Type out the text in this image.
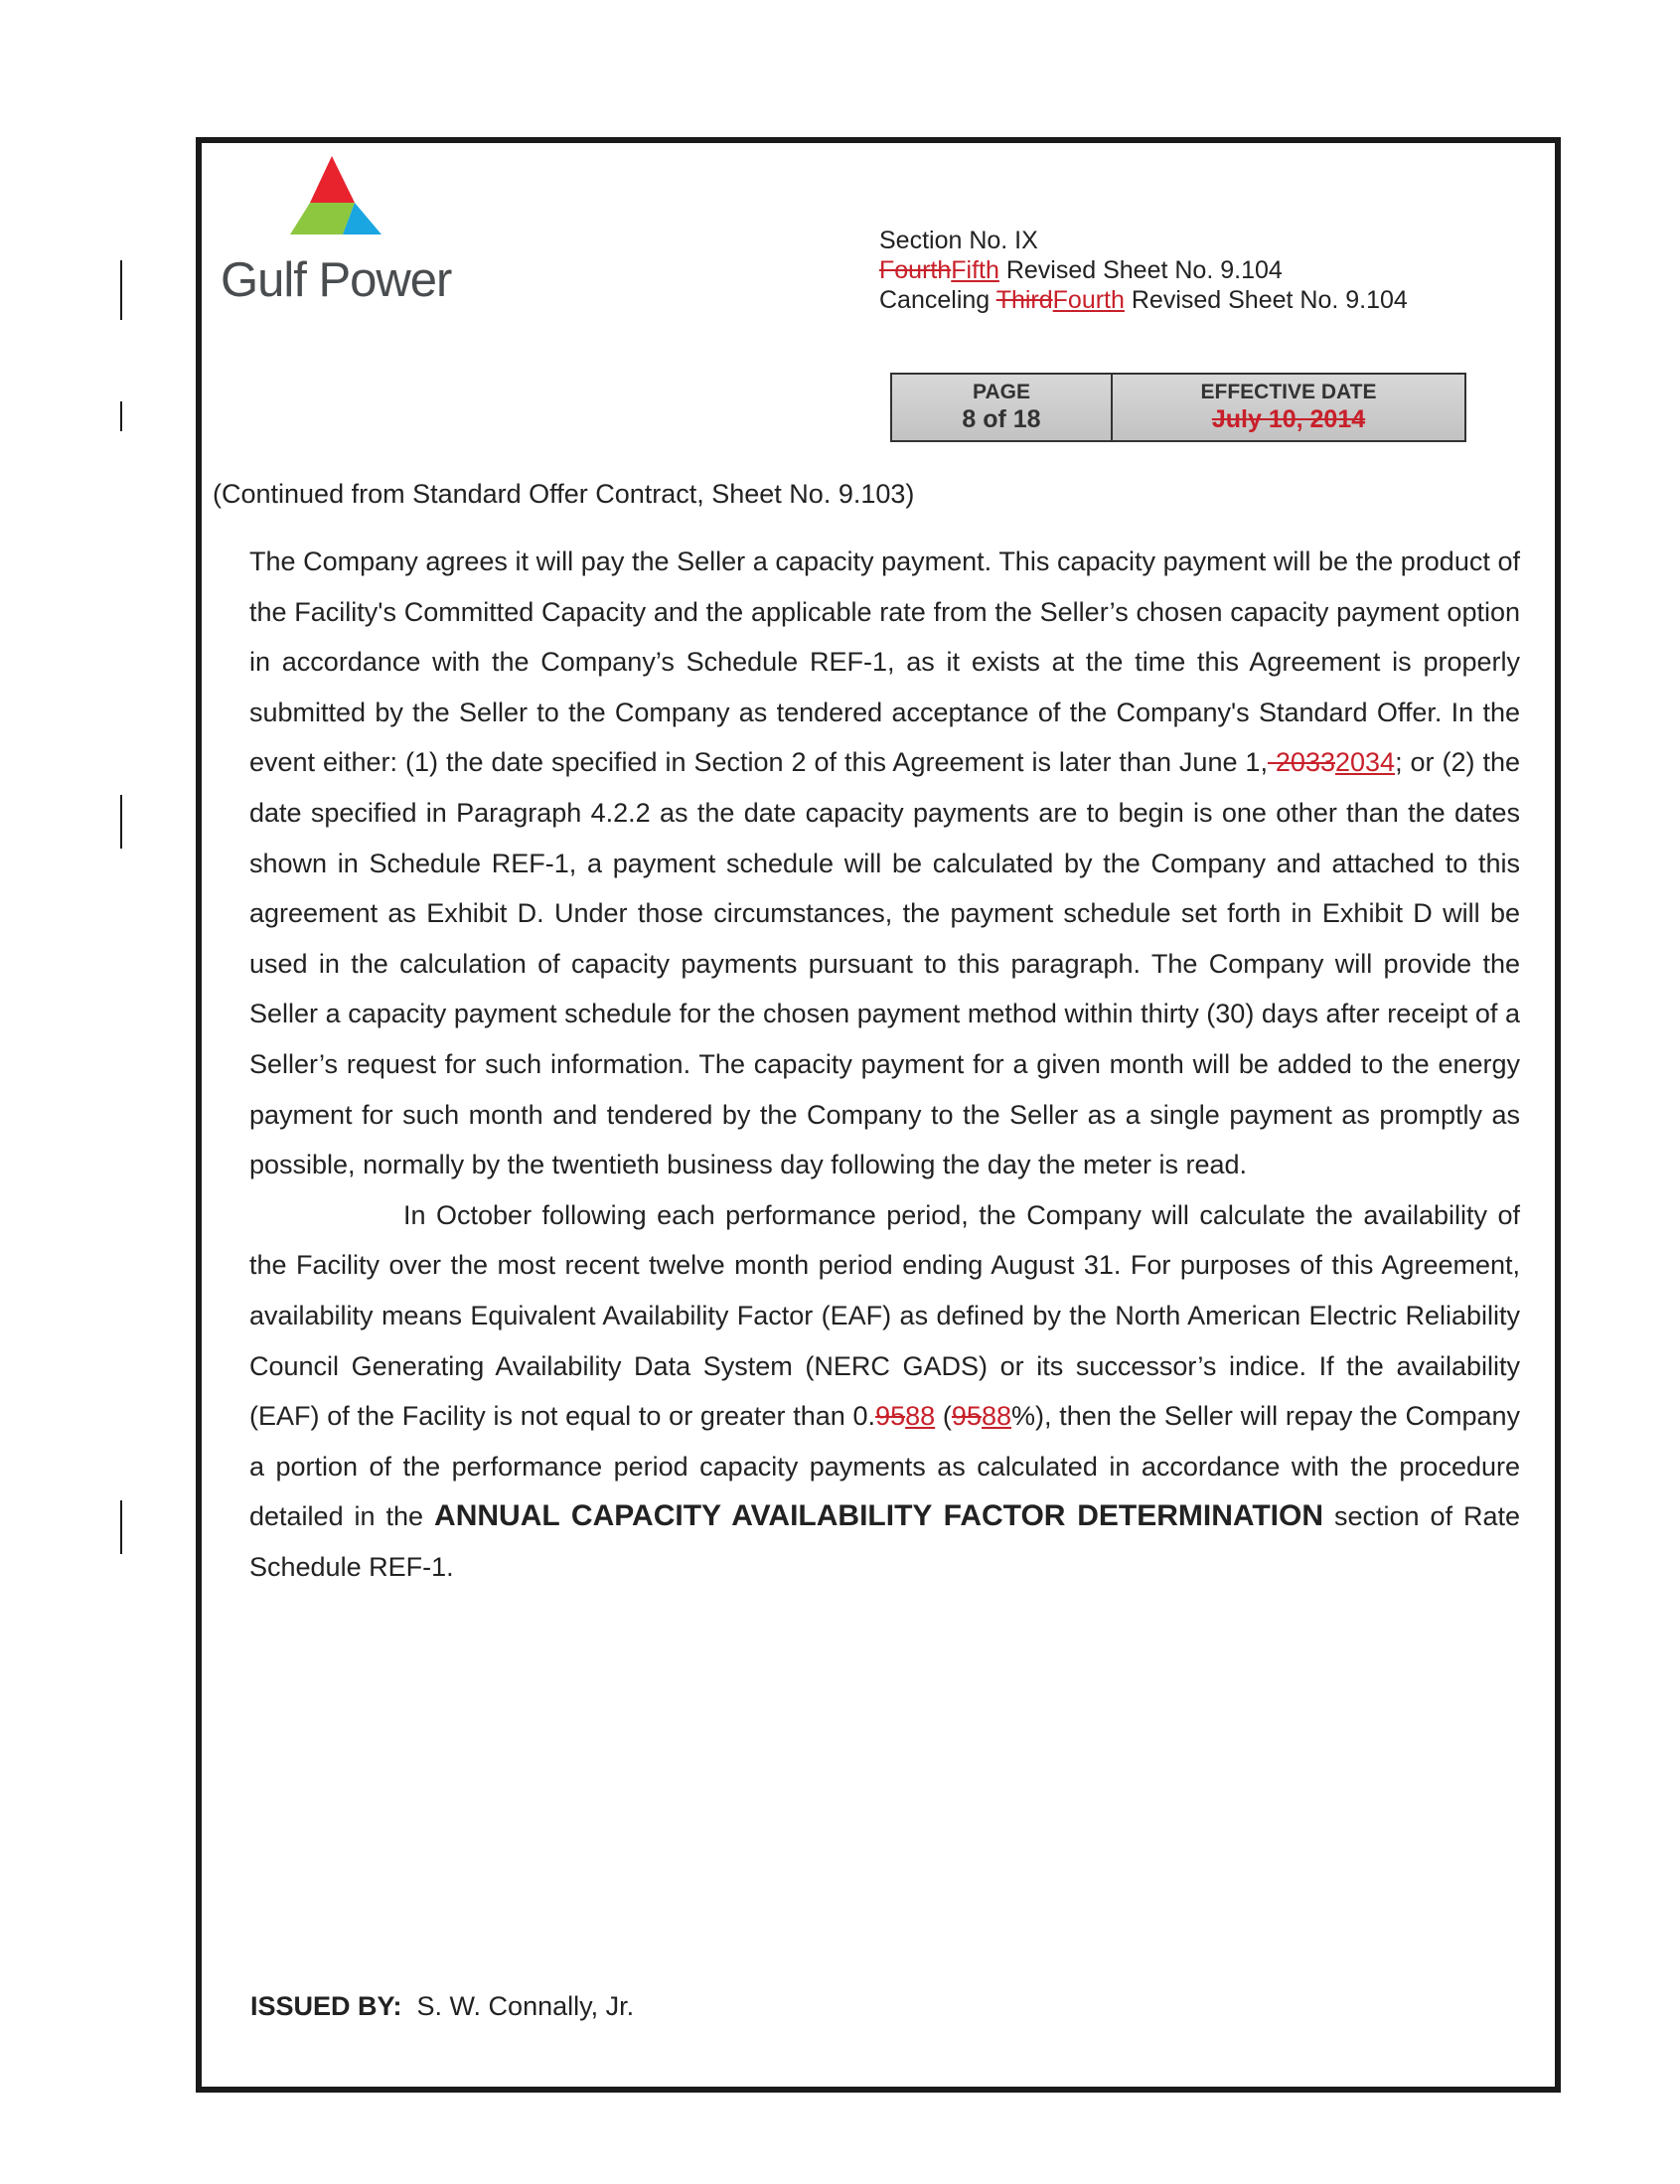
Gulf Power
Section No. IX
FourthFifth Revised Sheet No. 9.104
Canceling ThirdFourth Revised Sheet No. 9.104
PAGE
8 of 18
EFFECTIVE DATE
July 10, 2014
(Continued from Standard Offer Contract, Sheet No. 9.103)

The Company agrees it will pay the Seller a capacity payment. This capacity payment will be the product of the Facility's Committed Capacity and the applicable rate from the Seller’s chosen capacity payment option in accordance with the Company’s Schedule REF-1, as it exists at the time this Agreement is properly submitted by the Seller to the Company as tendered acceptance of the Company's Standard Offer. In the event either: (1) the date specified in Section 2 of this Agreement is later than June 1, 20332034; or (2) the date specified in Paragraph 4.2.2 as the date capacity payments are to begin is one other than the dates shown in Schedule REF-1, a payment schedule will be calculated by the Company and attached to this agreement as Exhibit D. Under those circumstances, the payment schedule set forth in Exhibit D will be used in the calculation of capacity payments pursuant to this paragraph. The Company will provide the Seller a capacity payment schedule for the chosen payment method within thirty (30) days after receipt of a Seller’s request for such information. The capacity payment for a given month will be added to the energy payment for such month and tendered by the Company to the Seller as a single payment as promptly as possible, normally by the twentieth business day following the day the meter is read.

In October following each performance period, the Company will calculate the availability of the Facility over the most recent twelve month period ending August 31. For purposes of this Agreement, availability means Equivalent Availability Factor (EAF) as defined by the North American Electric Reliability Council Generating Availability Data System (NERC GADS) or its successor’s indice. If the availability (EAF) of the Facility is not equal to or greater than 0.9588 (9588%), then the Seller will repay the Company a portion of the performance period capacity payments as calculated in accordance with the procedure detailed in the ANNUAL CAPACITY AVAILABILITY FACTOR DETERMINATION section of Rate Schedule REF-1.

ISSUED BY: S. W. Connally, Jr.
